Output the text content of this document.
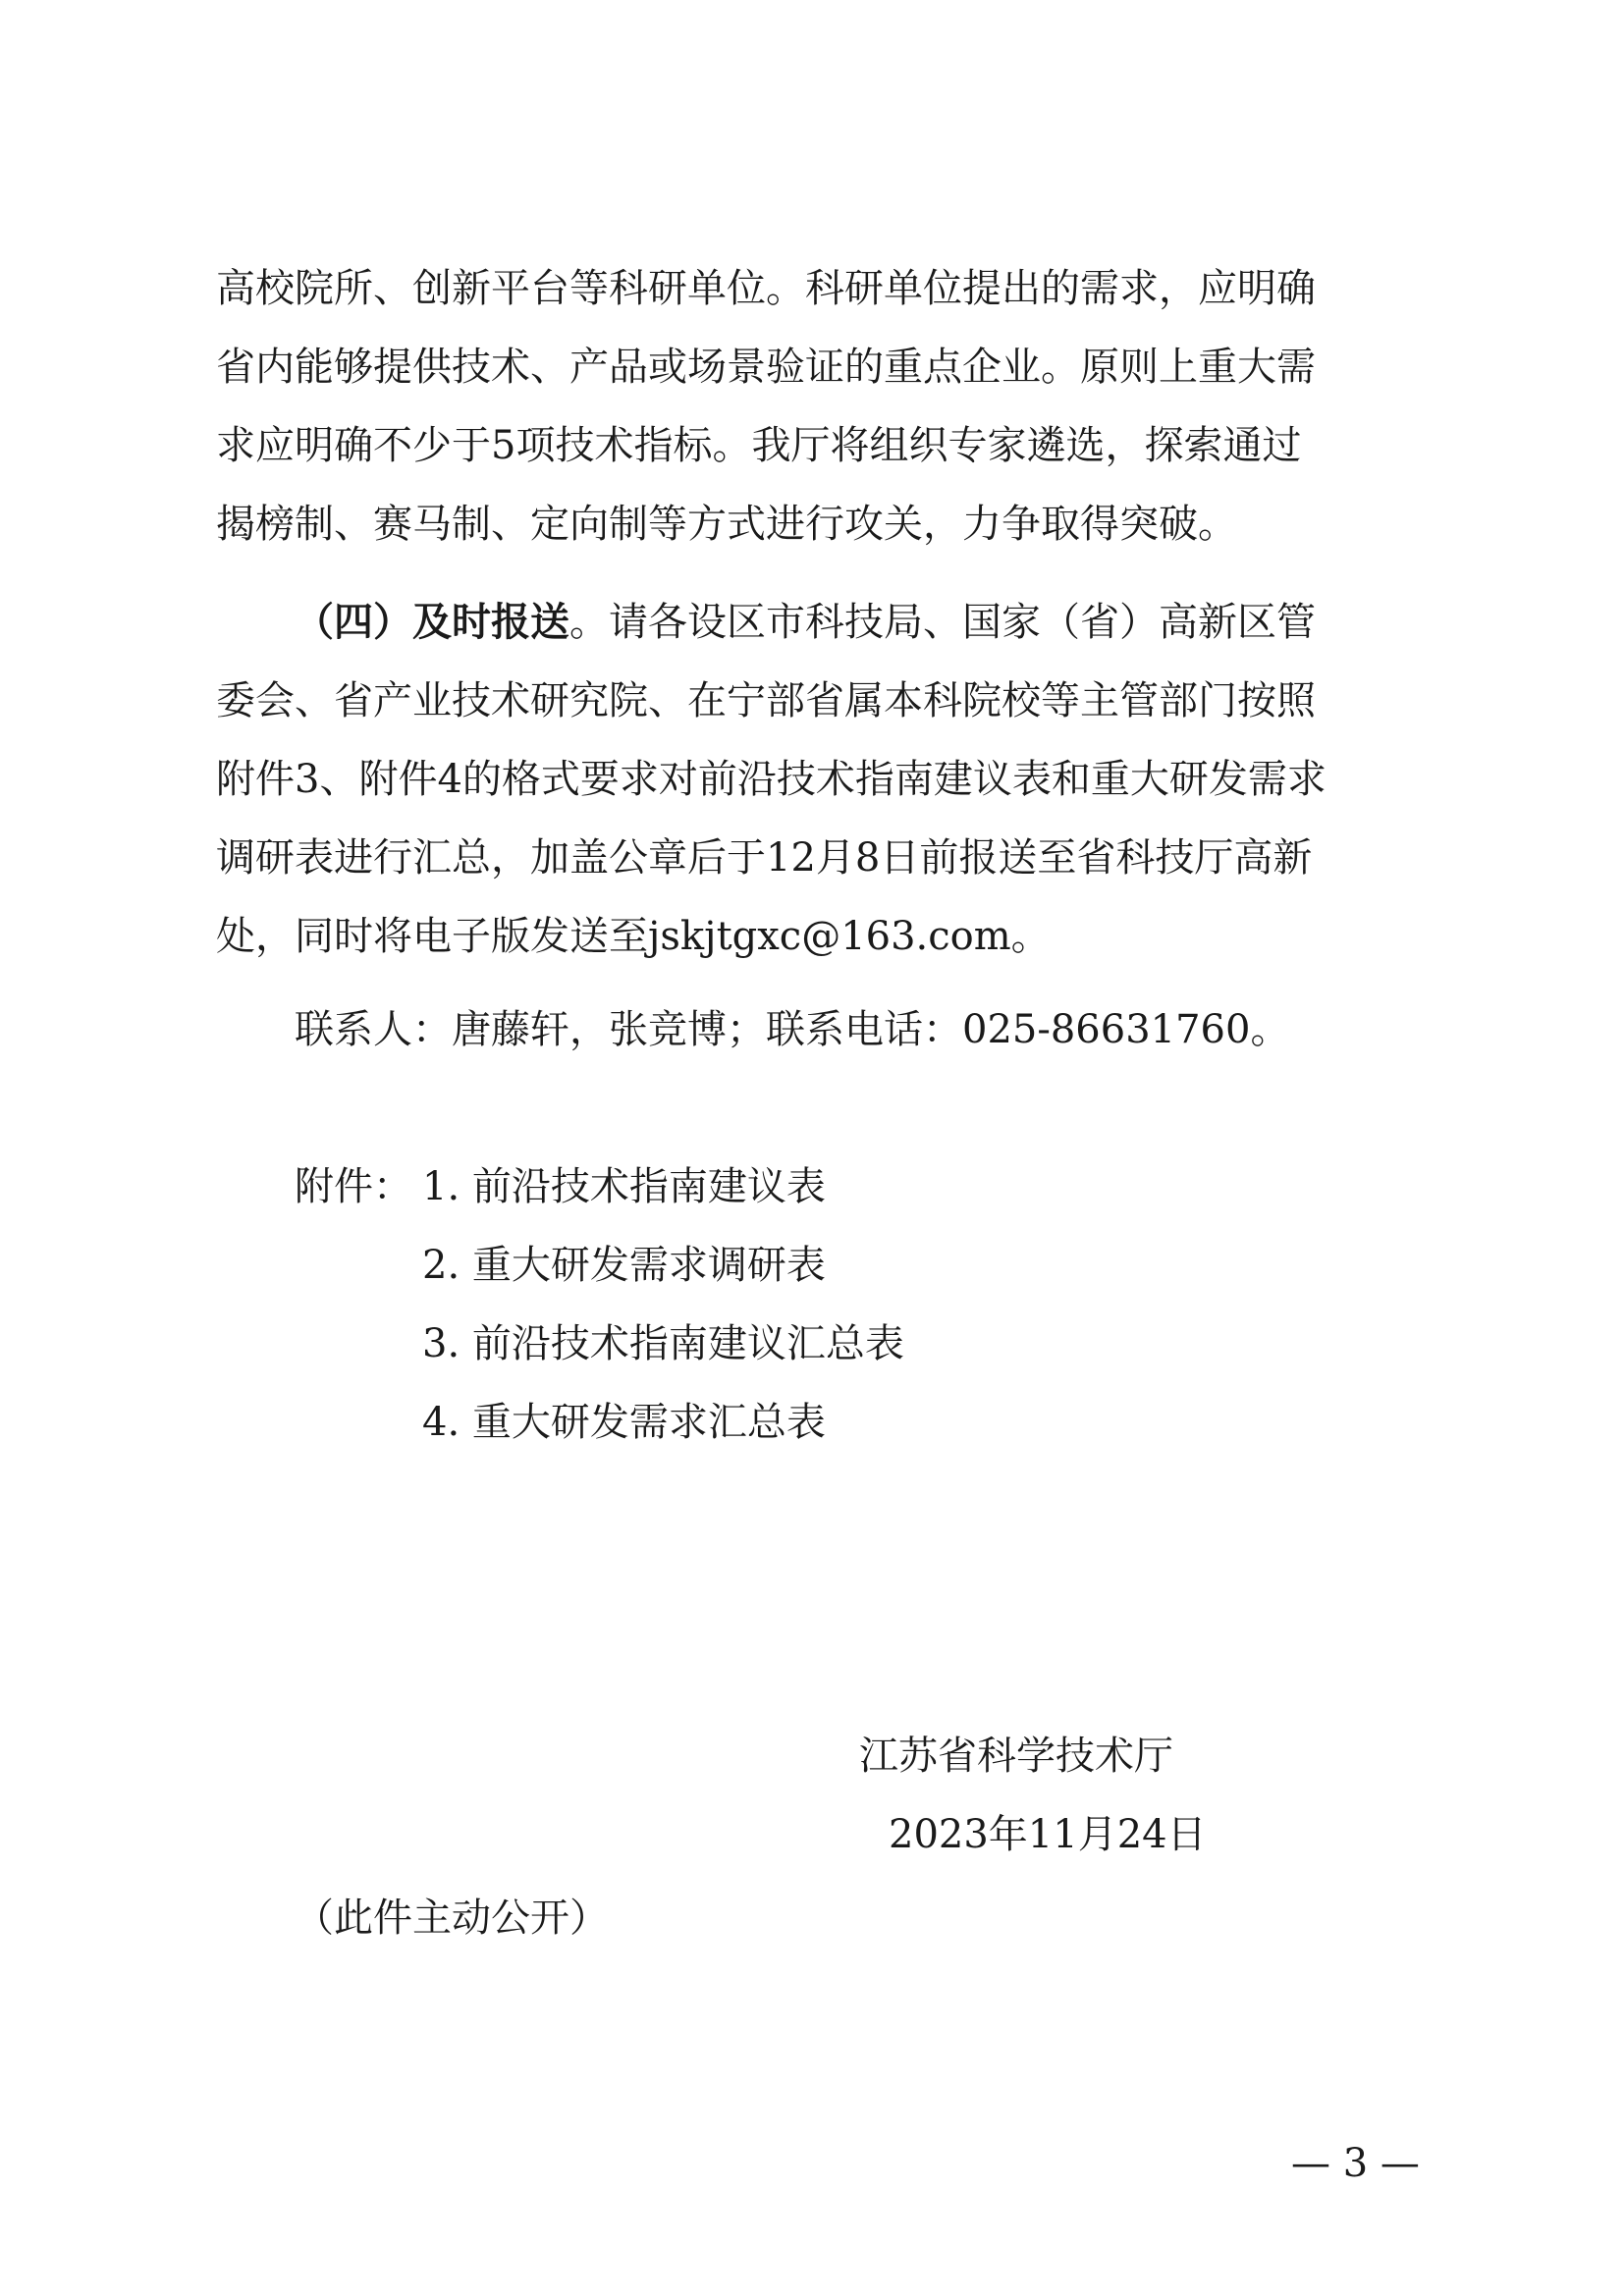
高校院所、创新平台等科研单位。科研单位提出的需求，应明确
省内能够提供技术、产品或场景验证的重点企业。原则上重大需
求应明确不少于5项技术指标。我厅将组织专家遴选，探索通过
揭榜制、赛马制、定向制等方式进行攻关，力争取得突破。
（四）及时报送。请各设区市科技局、国家（省）高新区管
委会、省产业技术研究院、在宁部省属本科院校等主管部门按照
附件3、附件4的格式要求对前沿技术指南建议表和重大研发需求
调研表进行汇总，加盖公章后于12月8日前报送至省科技厅高新
处，同时将电子版发送至jskjtgxc@163.com。
联系人：唐藤轩，张竞博；联系电话：025-86631760。
附件： 1. 前沿技术指南建议表
2. 重大研发需求调研表
3. 前沿技术指南建议汇总表
4. 重大研发需求汇总表
江苏省科学技术厅
2023年11月24日
（此件主动公开）
— 3 —
